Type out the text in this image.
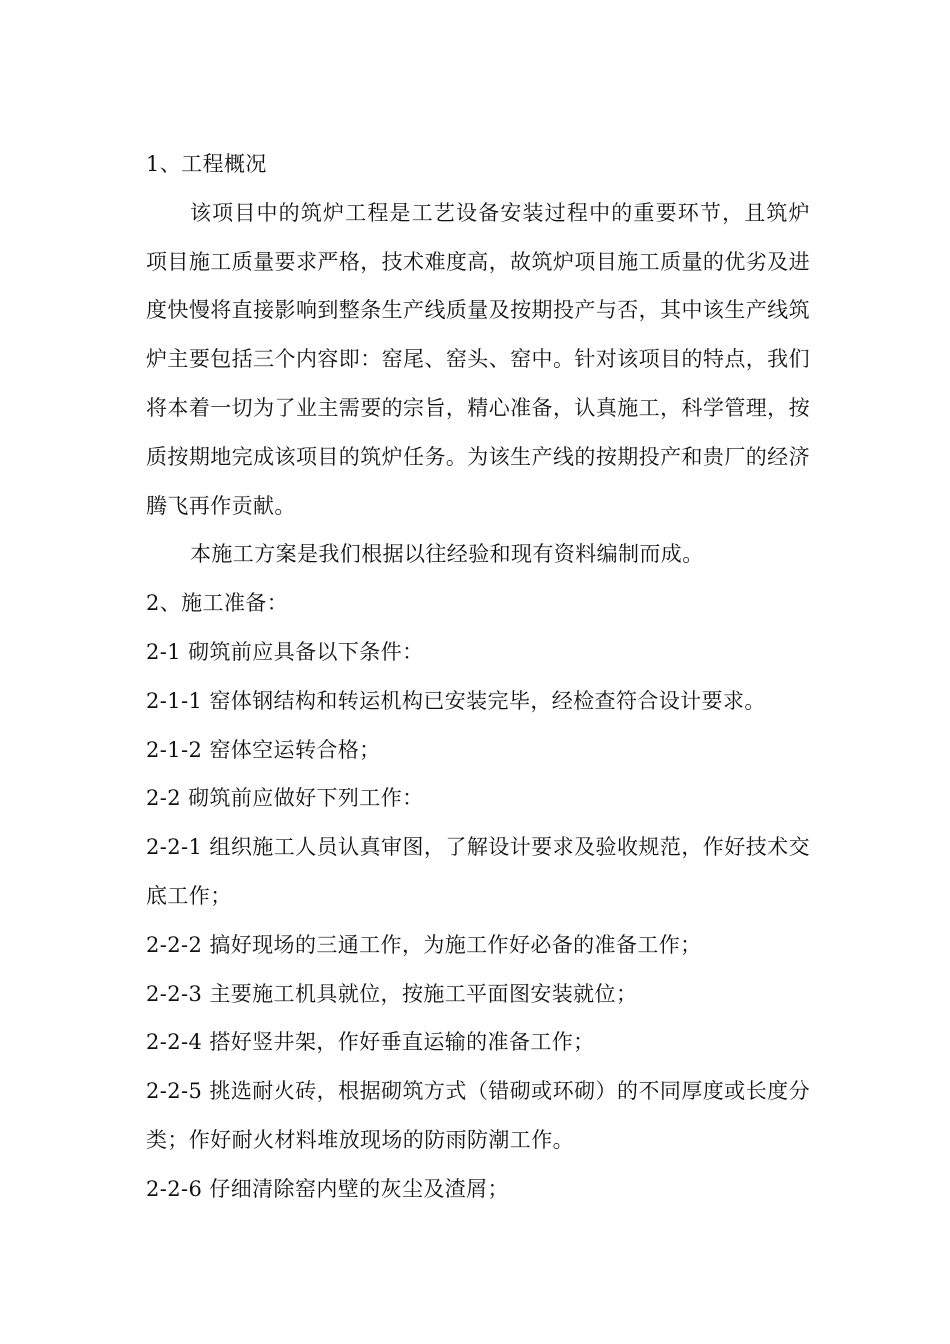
1、工程概况

该项目中的筑炉工程是工艺设备安装过程中的重要环节，且筑炉项目施工质量要求严格，技术难度高，故筑炉项目施工质量的优劣及进度快慢将直接影响到整条生产线质量及按期投产与否，其中该生产线筑炉主要包括三个内容即：窑尾、窑头、窑中。针对该项目的特点，我们将本着一切为了业主需要的宗旨，精心准备，认真施工，科学管理，按质按期地完成该项目的筑炉任务。为该生产线的按期投产和贵厂的经济腾飞再作贡献。

本施工方案是我们根据以往经验和现有资料编制而成。

2、施工准备：

2-1 砌筑前应具备以下条件：

2-1-1 窑体钢结构和转运机构已安装完毕，经检查符合设计要求。

2-1-2 窑体空运转合格；

2-2 砌筑前应做好下列工作：

2-2-1 组织施工人员认真审图，了解设计要求及验收规范，作好技术交底工作；

2-2-2 搞好现场的三通工作，为施工作好必备的准备工作；

2-2-3 主要施工机具就位，按施工平面图安装就位；

2-2-4 搭好竖井架，作好垂直运输的准备工作；

2-2-5 挑选耐火砖，根据砌筑方式（错砌或环砌）的不同厚度或长度分类；作好耐火材料堆放现场的防雨防潮工作。

2-2-6 仔细清除窑内壁的灰尘及渣屑；
